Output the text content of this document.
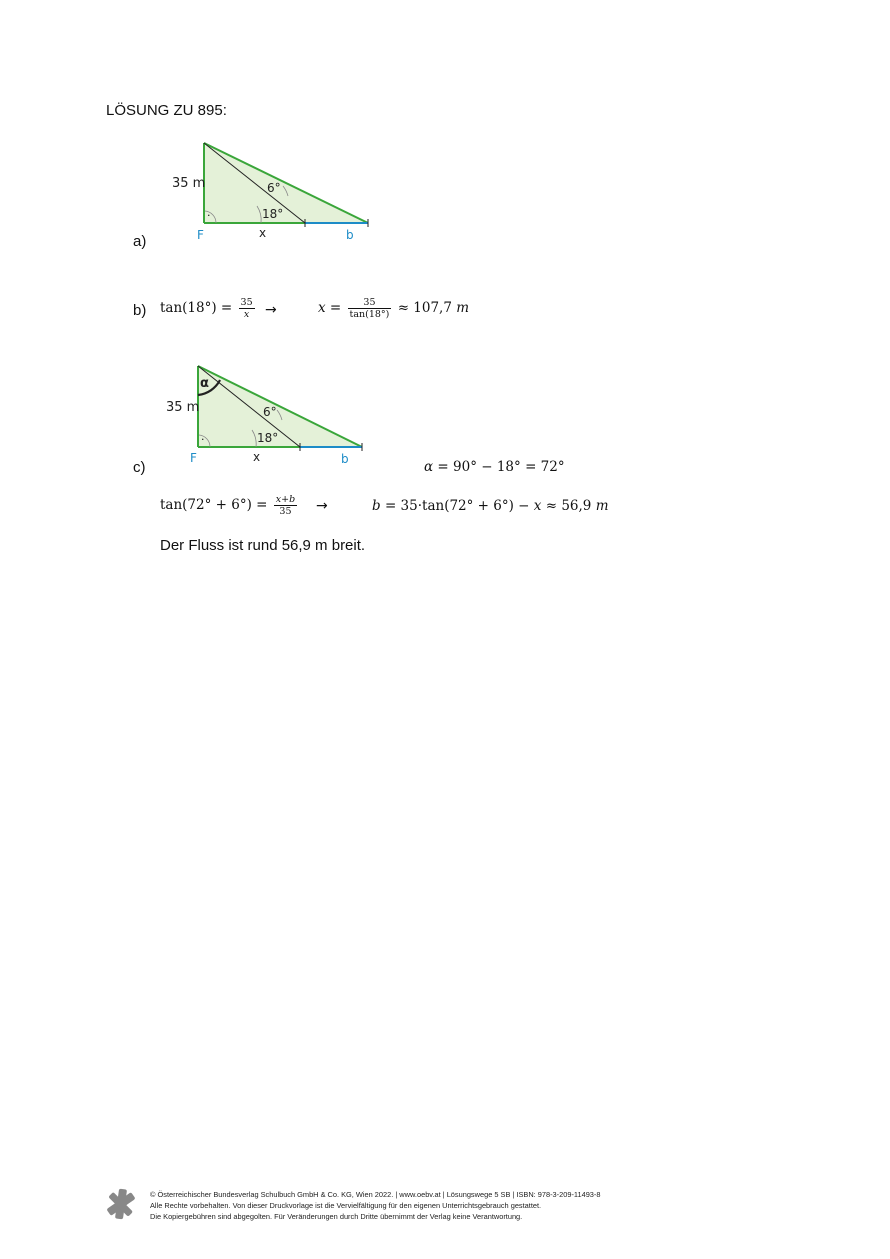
LÖSUNG ZU 895:
·
35 m	6°
18°
F	x	b
a)
b) $\tan(18^\circ) = \frac{35}{x}$ →	$x = \frac{35}{\tan(18^\circ)} \approx 107,7$ m
α
·
35 m	6°
18°
F	x	b
c)	α = 90° − 18° = 72°
$\tan(72^\circ + 6^\circ) = \frac{x+b}{35}$ →	b = 35·tan(72° + 6°) − x ≈ 56,9 m
Der Fluss ist rund 56,9 m breit.
© Österreichischer Bundesverlag Schulbuch GmbH & Co. KG, Wien 2022. | www.oebv.at | Lösungswege 5 SB | ISBN: 978-3-209-11493-8
Alle Rechte vorbehalten. Von dieser Druckvorlage ist die Vervielfältigung für den eigenen Unterrichtsgebrauch gestattet.
Die Kopiergebühren sind abgegolten. Für Veränderungen durch Dritte übernimmt der Verlag keine Verantwortung.
